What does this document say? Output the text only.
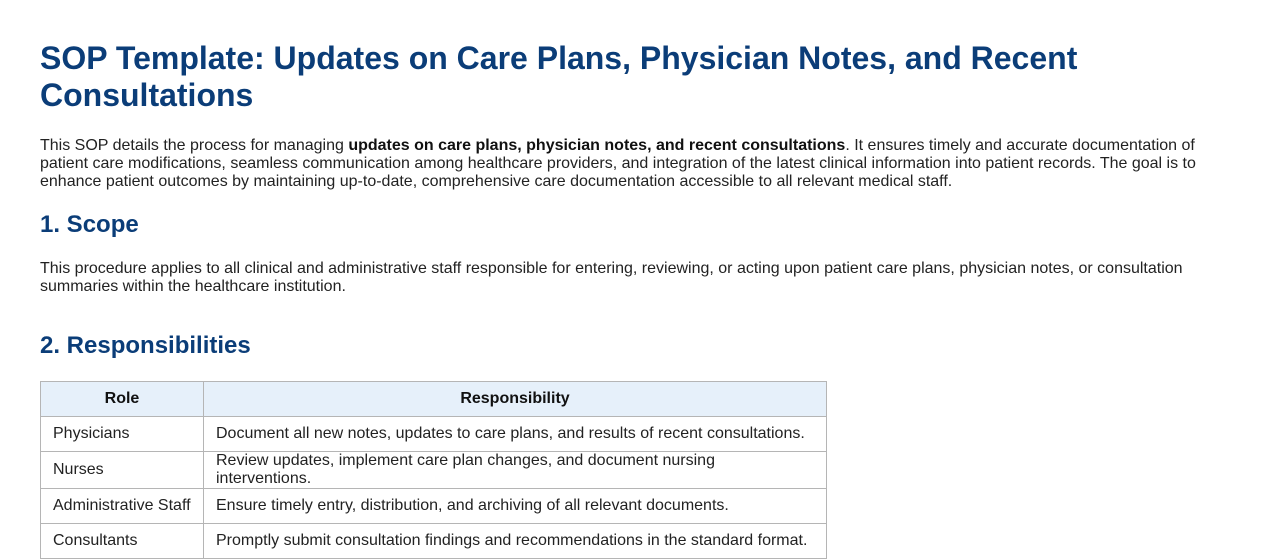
SOP Template: Updates on Care Plans, Physician Notes, and Recent Consultations

This SOP details the process for managing updates on care plans, physician notes, and recent consultations. It ensures timely and accurate documentation of patient care modifications, seamless communication among healthcare providers, and integration of the latest clinical information into patient records. The goal is to enhance patient outcomes by maintaining up-to-date, comprehensive care documentation accessible to all relevant medical staff.

1. Scope

This procedure applies to all clinical and administrative staff responsible for entering, reviewing, or acting upon patient care plans, physician notes, or consultation summaries within the healthcare institution.

2. Responsibilities
Role	Responsibility
Physicians	Document all new notes, updates to care plans, and results of recent consultations.
Nurses	Review updates, implement care plan changes, and document nursing interventions.
Administrative Staff	Ensure timely entry, distribution, and archiving of all relevant documents.
Consultants	Promptly submit consultation findings and recommendations in the standard format.
